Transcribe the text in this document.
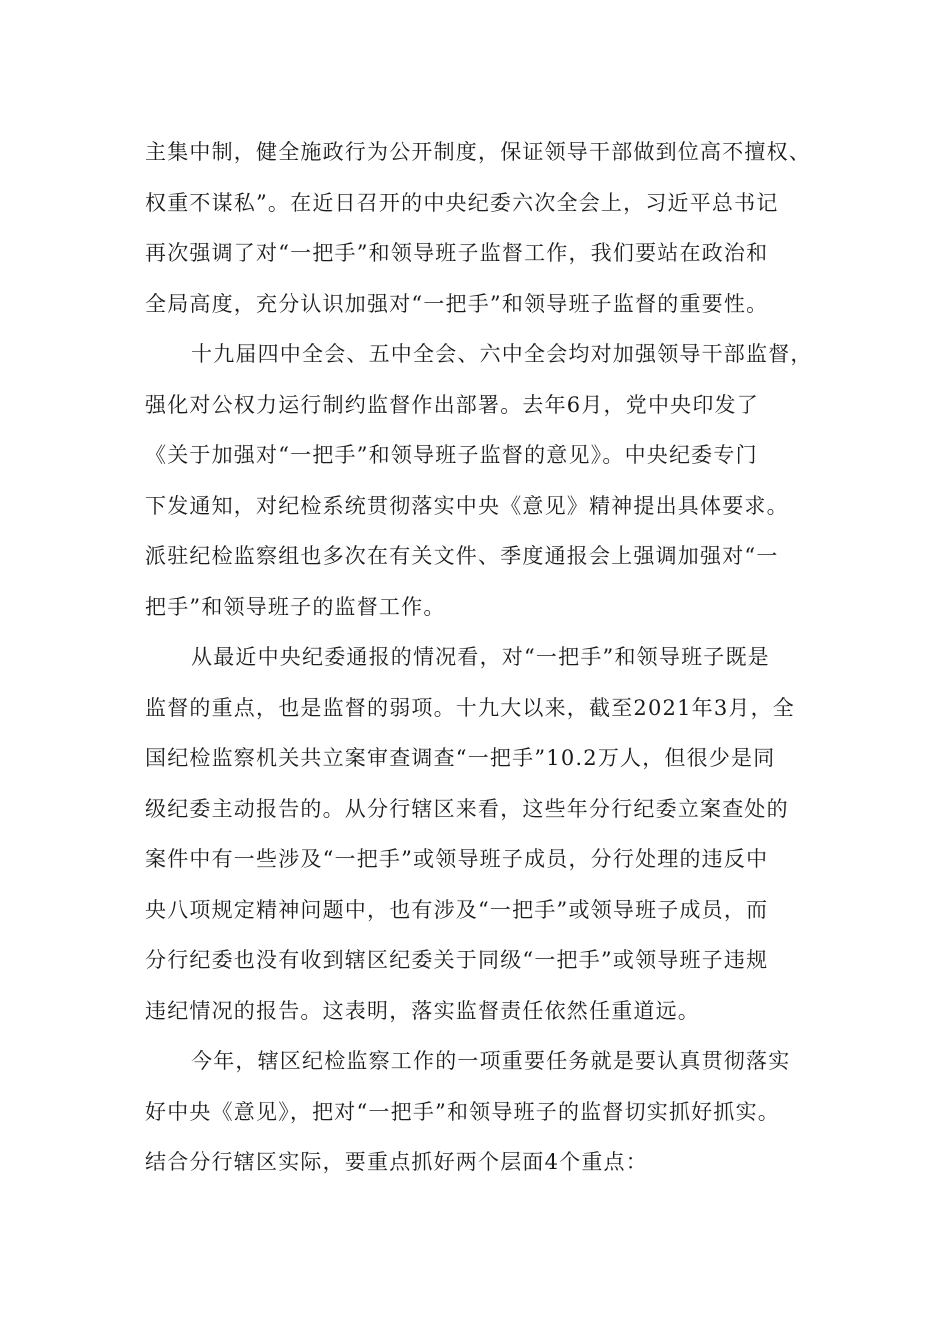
主集中制，健全施政行为公开制度，保证领导干部做到位高不擅权、
权重不谋私”。在近日召开的中央纪委六次全会上，习近平总书记
再次强调了对“一把手”和领导班子监督工作，我们要站在政治和
全局高度，充分认识加强对“一把手”和领导班子监督的重要性。
十九届四中全会、五中全会、六中全会均对加强领导干部监督，
强化对公权力运行制约监督作出部署。去年6月，党中央印发了
《关于加强对“一把手”和领导班子监督的意见》。中央纪委专门
下发通知，对纪检系统贯彻落实中央《意见》精神提出具体要求。
派驻纪检监察组也多次在有关文件、季度通报会上强调加强对“一
把手”和领导班子的监督工作。
从最近中央纪委通报的情况看，对“一把手”和领导班子既是
监督的重点，也是监督的弱项。十九大以来，截至2021年3月，全
国纪检监察机关共立案审查调查“一把手”10.2万人，但很少是同
级纪委主动报告的。从分行辖区来看，这些年分行纪委立案查处的
案件中有一些涉及“一把手”或领导班子成员，分行处理的违反中
央八项规定精神问题中，也有涉及“一把手”或领导班子成员，而
分行纪委也没有收到辖区纪委关于同级“一把手”或领导班子违规
违纪情况的报告。这表明，落实监督责任依然任重道远。
今年，辖区纪检监察工作的一项重要任务就是要认真贯彻落实
好中央《意见》，把对“一把手”和领导班子的监督切实抓好抓实。
结合分行辖区实际，要重点抓好两个层面4个重点：
